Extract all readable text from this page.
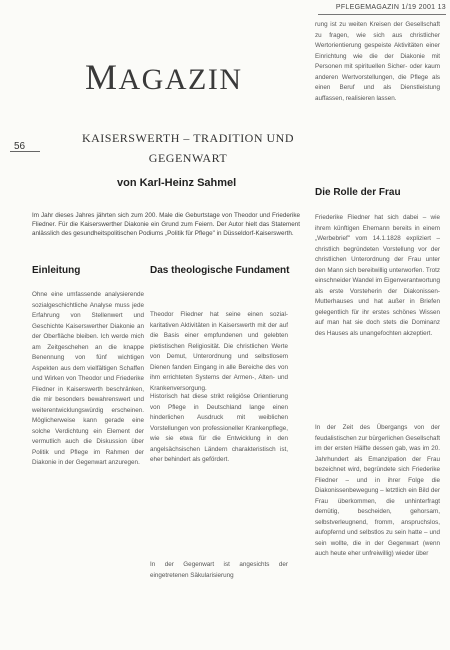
PFLEGEMAGAZIN 1/19 2001 13
MAGAZIN
56
KAISERSWERTH – TRADITION UND GEGENWART
von Karl-Heinz Sahmel
Im Jahr dieses Jahres jährten sich zum 200. Male die Geburtstage von Theodor und Friederike Fliedner. Für die Kaiserswerther Diakonie ein Grund zum Feiern. Der Autor hielt das Statement anlässlich des gesundheitspolitischen Podiums „Politik für Pflege" in Düsseldorf-Kaiserswerth.
Einleitung
Ohne eine umfassende analysierende sozialgeschichtliche Analyse muss jede Erfahrung von Stellenwert und Geschichte Kaiserswerther Diakonie an der Oberfläche bleiben. Ich werde mich am Zeitgeschehen an die knappe Benennung von fünf wichtigen Aspekten aus dem vielfältigen Schaffen und Wirken von Theodor und Friederike Fliedner in Kaiserswerth beschränken, die mir besonders bewahrenswert und weiterentwicklungswürdig erscheinen. Möglicherweise kann gerade eine solche Verdichtung ein Element der vermutlich auch die Diskussion über Politik und Pflege im Rahmen der Diakonie in der Gegenwart anzuregen.
Das theologische Fundament
Theodor Fliedner hat seine einen sozial-karitativen Aktivitäten in Kaiserswerth mit der auf die Basis einer empfundenen und gelebten pietistischen Religiosität. Die christlichen Werte von Demut, Unterordnung und selbstlosem Dienen fanden Eingang in alle Bereiche des von ihm errichteten Systems der Armen-, Alten- und Krankenversorgung.
Historisch hat diese strikt religiöse Orientierung von Pflege in Deutschland lange einen hinderlichen Ausdruck mit weiblichen Vorstellungen von professioneller Krankenpflege, wie sie etwa für die Entwicklung in den angelsächsischen Ländern charakteristisch ist, eher behindert als gefördert.
In der Gegenwart ist angesichts der eingetretenen Säkularisierung
rung ist zu weiten Kreisen der Gesellschaft zu fragen, wie sich aus christlicher Wertorientierung gespeiste Aktivitäten einer Einrichtung wie die der Diakonie mit Personen mit spirituellen Sicher- oder kaum anderen Wertvorstellungen, die Pflege als einen Beruf und als Dienstleistung auffassen, realisieren lassen.
Die Rolle der Frau
Friederike Fliedner hat sich dabei – wie ihrem künftigen Ehemann bereits in einem „Werbebrief" vom 14.1.1828 expliziert – christlich begründeten Vorstellung vor der christlichen Unterordnung der Frau unter den Mann sich bereitwillig unterworfen. Trotz einschneider Wandel im Eigenverantwortung als erste Vorsteherin der Diakonissen-Mutterhauses und hat außer in Briefen gelegentlich für ihr erstes schönes Wissen auf man hat sie doch stets die Dominanz des Hauses als unangefochten akzeptiert.
In der Zeit des Übergangs von der feudalistischen zur bürgerlichen Gesellschaft im der ersten Hälfte dessen gab, was im 20. Jahrhundert als Emanzipation der Frau bezeichnet wird, begründete sich Friederike Fliedner – und in ihrer Folge die Diakonissenbewegung – letztlich ein Bild der Frau überkommen, die unhinterfragt demütig, bescheiden, gehorsam, selbstverleugnend, fromm, anspruchslos, aufopfernd und selbstlos zu sein hatte – und sein wollte, die in der Gegenwart (wenn auch heute eher unfreiwillig) wieder über
